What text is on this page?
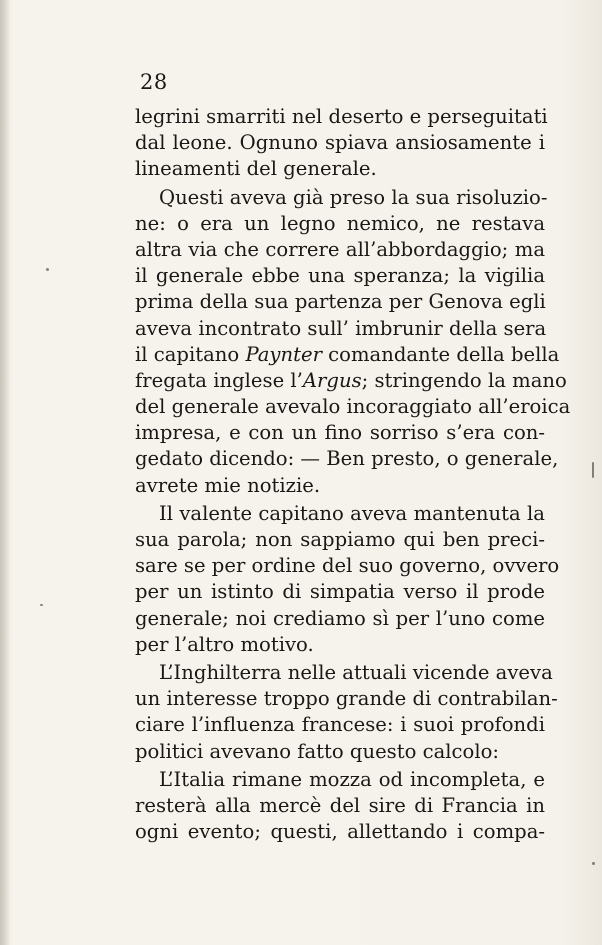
28
legrini smarriti nel deserto e perseguitati
dal leone. Ognuno spiava ansiosamente i
lineamenti del generale.
Questi aveva già preso la sua risoluzio-
ne: o era un legno nemico, ne restava
altra via che correre all’abbordaggio; ma
il generale ebbe una speranza; la vigilia
prima della sua partenza per Genova egli
aveva incontrato sull’ imbrunir della sera
il capitano Paynter comandante della bella
fregata inglese l’Argus; stringendo la mano
del generale avevalo incoraggiato all’eroica
impresa, e con un fino sorriso s’era con-
gedato dicendo: — Ben presto, o generale,
avrete mie notizie.
Il valente capitano aveva mantenuta la
sua parola; non sappiamo qui ben preci-
sare se per ordine del suo governo, ovvero
per un istinto di simpatia verso il prode
generale; noi crediamo sì per l’uno come
per l’altro motivo.
L’Inghilterra nelle attuali vicende aveva
un interesse troppo grande di contrabilan-
ciare l’influenza francese: i suoi profondi
politici avevano fatto questo calcolo:
L’Italia rimane mozza od incompleta, e
resterà alla mercè del sire di Francia in
ogni evento; questi, allettando i compa-
